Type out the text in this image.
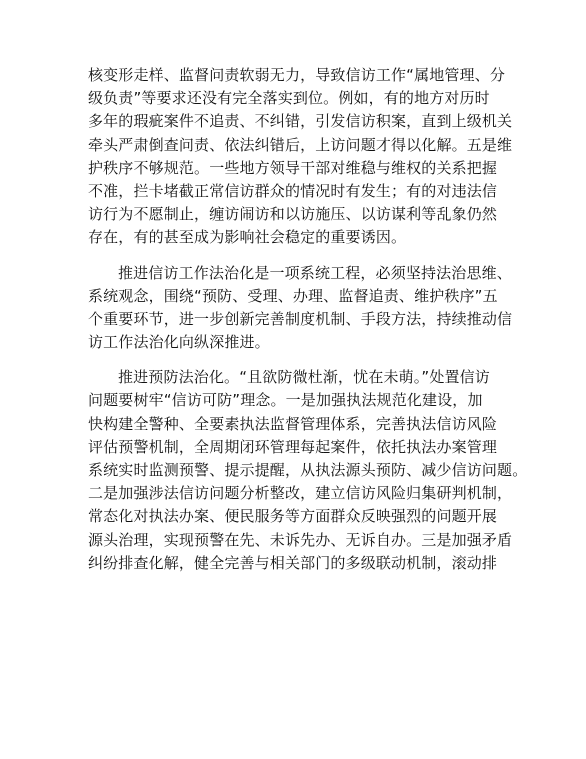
核变形走样、监督问责软弱无力，导致信访工作“属地管理、分
级负责”等要求还没有完全落实到位。例如，有的地方对历时
多年的瑕疵案件不追责、不纠错，引发信访积案，直到上级机关
牵头严肃倒查问责、依法纠错后，上访问题才得以化解。五是维
护秩序不够规范。一些地方领导干部对维稳与维权的关系把握
不准，拦卡堵截正常信访群众的情况时有发生；有的对违法信
访行为不愿制止，缠访闹访和以访施压、以访谋利等乱象仍然
存在，有的甚至成为影响社会稳定的重要诱因。
推进信访工作法治化是一项系统工程，必须坚持法治思维、
系统观念，围绕“预防、受理、办理、监督追责、维护秩序”五
个重要环节，进一步创新完善制度机制、手段方法，持续推动信
访工作法治化向纵深推进。
推进预防法治化。“且欲防微杜渐，忧在未萌。”处置信访
问题要树牢“信访可防”理念。一是加强执法规范化建设，加
快构建全警种、全要素执法监督管理体系，完善执法信访风险
评估预警机制，全周期闭环管理每起案件，依托执法办案管理
系统实时监测预警、提示提醒，从执法源头预防、减少信访问题。
二是加强涉法信访问题分析整改，建立信访风险归集研判机制，
常态化对执法办案、便民服务等方面群众反映强烈的问题开展
源头治理，实现预警在先、未诉先办、无诉自办。三是加强矛盾
纠纷排查化解，健全完善与相关部门的多级联动机制，滚动排
